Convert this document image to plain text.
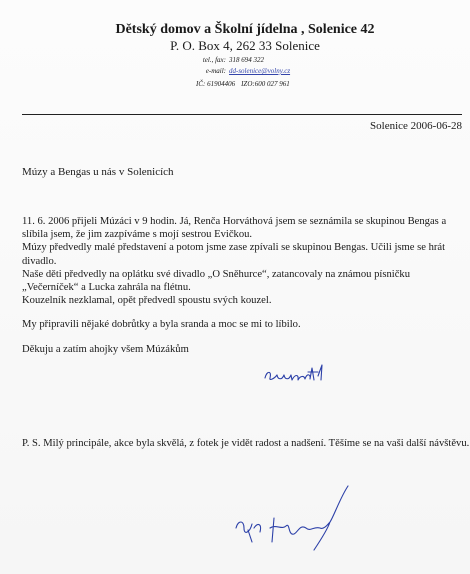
Dětský domov a Školní jídelna , Solenice 42
P. O. Box 4, 262 33 Solenice
tel., fax: 318 694 322
e-mail: dd-solenice@volny.cz
IČ: 61904406 IZO:600 027 961
Solenice 2006-06-28
Múzy a Bengas u nás v Solenicích

11. 6. 2006 přijeli Múzáci v 9 hodin. Já, Renča Horváthová jsem se seznámila se skupinou Bengas a slíbila jsem, že jim zazpíváme s mojí sestrou Evičkou.

Múzy předvedly malé představení a potom jsme zase zpívali se skupinou Bengas. Učili jsme se hrát divadlo.

Naše děti předvedly na oplátku své divadlo „O Sněhurce“, zatancovaly na známou písničku „Večerníček“ a Lucka zahrála na flétnu.

Kouzelník nezklamal, opět předvedl spoustu svých kouzel.

My připravili nějaké dobrůtky a byla sranda a moc se mi to líbilo.

Děkuju a zatím ahojky všem Múzákům

P. S. Milý principále, akce byla skvělá, z fotek je vidět radost a nadšení. Těšíme se na vaši další návštěvu.
